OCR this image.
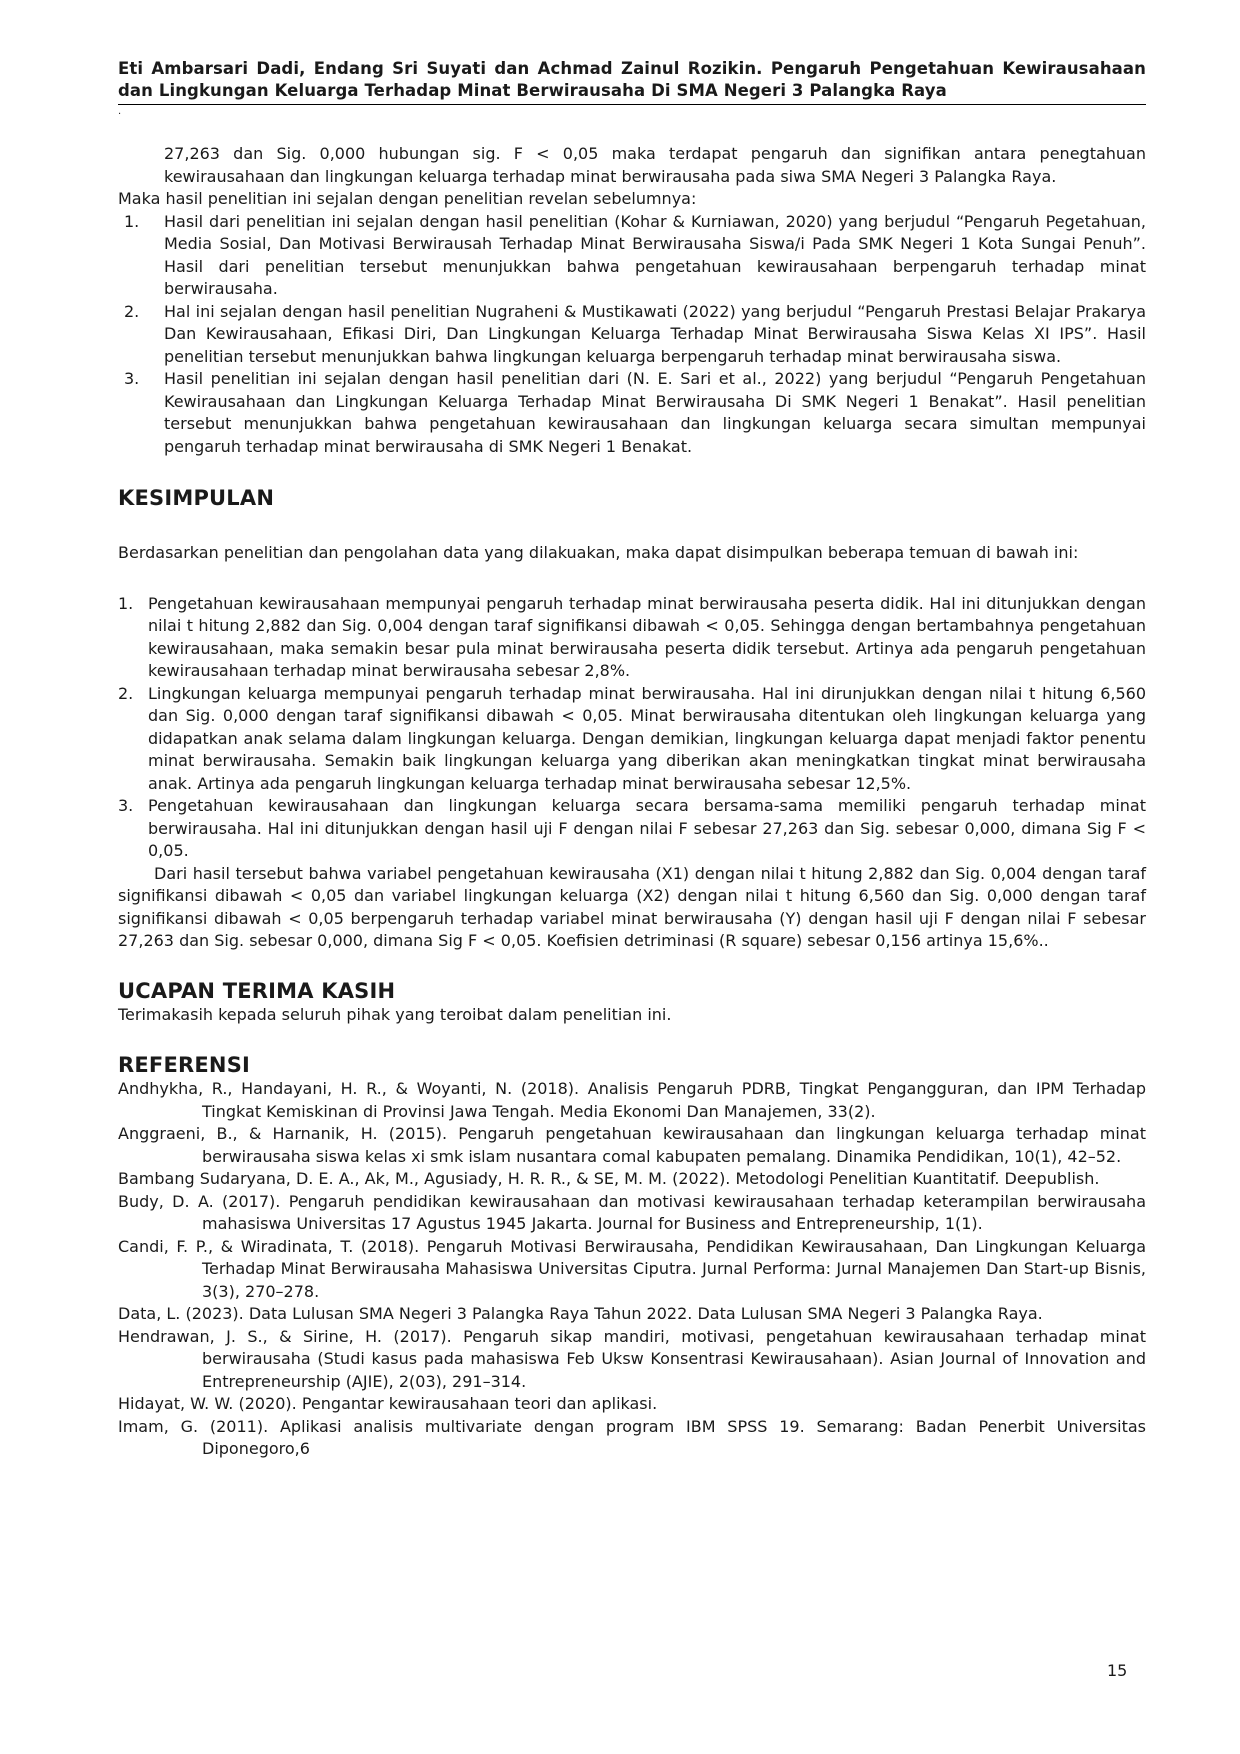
Eti Ambarsari Dadi, Endang Sri Suyati dan Achmad Zainul Rozikin. Pengaruh Pengetahuan Kewirausahaan dan Lingkungan Keluarga Terhadap Minat Berwirausaha Di SMA Negeri 3 Palangka Raya
.

27,263 dan Sig. 0,000 hubungan sig. F < 0,05 maka terdapat pengaruh dan signifikan antara penegtahuan kewirausahaan dan lingkungan keluarga terhadap minat berwirausaha pada siwa SMA Negeri 3 Palangka Raya.

Maka hasil penelitian ini sejalan dengan penelitian revelan sebelumnya:

1. Hasil dari penelitian ini sejalan dengan hasil penelitian (Kohar & Kurniawan, 2020) yang berjudul “Pengaruh Pegetahuan, Media Sosial, Dan Motivasi Berwirausah Terhadap Minat Berwirausaha Siswa/i Pada SMK Negeri 1 Kota Sungai Penuh”. Hasil dari penelitian tersebut menunjukkan bahwa pengetahuan kewirausahaan berpengaruh terhadap minat berwirausaha.
2. Hal ini sejalan dengan hasil penelitian Nugraheni & Mustikawati (2022) yang berjudul “Pengaruh Prestasi Belajar Prakarya Dan Kewirausahaan, Efikasi Diri, Dan Lingkungan Keluarga Terhadap Minat Berwirausaha Siswa Kelas XI IPS”. Hasil penelitian tersebut menunjukkan bahwa lingkungan keluarga berpengaruh terhadap minat berwirausaha siswa.
3. Hasil penelitian ini sejalan dengan hasil penelitian dari (N. E. Sari et al., 2022) yang berjudul “Pengaruh Pengetahuan Kewirausahaan dan Lingkungan Keluarga Terhadap Minat Berwirausaha Di SMK Negeri 1 Benakat”. Hasil penelitian tersebut menunjukkan bahwa pengetahuan kewirausahaan dan lingkungan keluarga secara simultan mempunyai pengaruh terhadap minat berwirausaha di SMK Negeri 1 Benakat.
KESIMPULAN

Berdasarkan penelitian dan pengolahan data yang dilakuakan, maka dapat disimpulkan beberapa temuan di bawah ini:

1. Pengetahuan kewirausahaan mempunyai pengaruh terhadap minat berwirausaha peserta didik. Hal ini ditunjukkan dengan nilai t hitung 2,882 dan Sig. 0,004 dengan taraf signifikansi dibawah < 0,05. Sehingga dengan bertambahnya pengetahuan kewirausahaan, maka semakin besar pula minat berwirausaha peserta didik tersebut. Artinya ada pengaruh pengetahuan kewirausahaan terhadap minat berwirausaha sebesar 2,8%.
2. Lingkungan keluarga mempunyai pengaruh terhadap minat berwirausaha. Hal ini dirunjukkan dengan nilai t hitung 6,560 dan Sig. 0,000 dengan taraf signifikansi dibawah < 0,05. Minat berwirausaha ditentukan oleh lingkungan keluarga yang didapatkan anak selama dalam lingkungan keluarga. Dengan demikian, lingkungan keluarga dapat menjadi faktor penentu minat berwirausaha. Semakin baik lingkungan keluarga yang diberikan akan meningkatkan tingkat minat berwirausaha anak. Artinya ada pengaruh lingkungan keluarga terhadap minat berwirausaha sebesar 12,5%.
3. Pengetahuan kewirausahaan dan lingkungan keluarga secara bersama-sama memiliki pengaruh terhadap minat berwirausaha. Hal ini ditunjukkan dengan hasil uji F dengan nilai F sebesar 27,263 dan Sig. sebesar 0,000, dimana Sig F < 0,05.

Dari hasil tersebut bahwa variabel pengetahuan kewirausaha (X1) dengan nilai t hitung 2,882 dan Sig. 0,004 dengan taraf signifikansi dibawah < 0,05 dan variabel lingkungan keluarga (X2) dengan nilai t hitung 6,560 dan Sig. 0,000 dengan taraf signifikansi dibawah < 0,05 berpengaruh terhadap variabel minat berwirausaha (Y) dengan hasil uji F dengan nilai F sebesar 27,263 dan Sig. sebesar 0,000, dimana Sig F < 0,05. Koefisien detriminasi (R square) sebesar 0,156 artinya 15,6%..

UCAPAN TERIMA KASIH

Terimakasih kepada seluruh pihak yang teroibat dalam penelitian ini.

REFERENSI

Andhykha, R., Handayani, H. R., & Woyanti, N. (2018). Analisis Pengaruh PDRB, Tingkat Pengangguran, dan IPM Terhadap Tingkat Kemiskinan di Provinsi Jawa Tengah. Media Ekonomi Dan Manajemen, 33(2).

Anggraeni, B., & Harnanik, H. (2015). Pengaruh pengetahuan kewirausahaan dan lingkungan keluarga terhadap minat berwirausaha siswa kelas xi smk islam nusantara comal kabupaten pemalang. Dinamika Pendidikan, 10(1), 42–52.

Bambang Sudaryana, D. E. A., Ak, M., Agusiady, H. R. R., & SE, M. M. (2022). Metodologi Penelitian Kuantitatif. Deepublish.

Budy, D. A. (2017). Pengaruh pendidikan kewirausahaan dan motivasi kewirausahaan terhadap keterampilan berwirausaha mahasiswa Universitas 17 Agustus 1945 Jakarta. Journal for Business and Entrepreneurship, 1(1).

Candi, F. P., & Wiradinata, T. (2018). Pengaruh Motivasi Berwirausaha, Pendidikan Kewirausahaan, Dan Lingkungan Keluarga Terhadap Minat Berwirausaha Mahasiswa Universitas Ciputra. Jurnal Performa: Jurnal Manajemen Dan Start-up Bisnis, 3(3), 270–278.

Data, L. (2023). Data Lulusan SMA Negeri 3 Palangka Raya Tahun 2022. Data Lulusan SMA Negeri 3 Palangka Raya.

Hendrawan, J. S., & Sirine, H. (2017). Pengaruh sikap mandiri, motivasi, pengetahuan kewirausahaan terhadap minat berwirausaha (Studi kasus pada mahasiswa Feb Uksw Konsentrasi Kewirausahaan). Asian Journal of Innovation and Entrepreneurship (AJIE), 2(03), 291–314.

Hidayat, W. W. (2020). Pengantar kewirausahaan teori dan aplikasi.

Imam, G. (2011). Aplikasi analisis multivariate dengan program IBM SPSS 19. Semarang: Badan Penerbit Universitas Diponegoro,6

15
